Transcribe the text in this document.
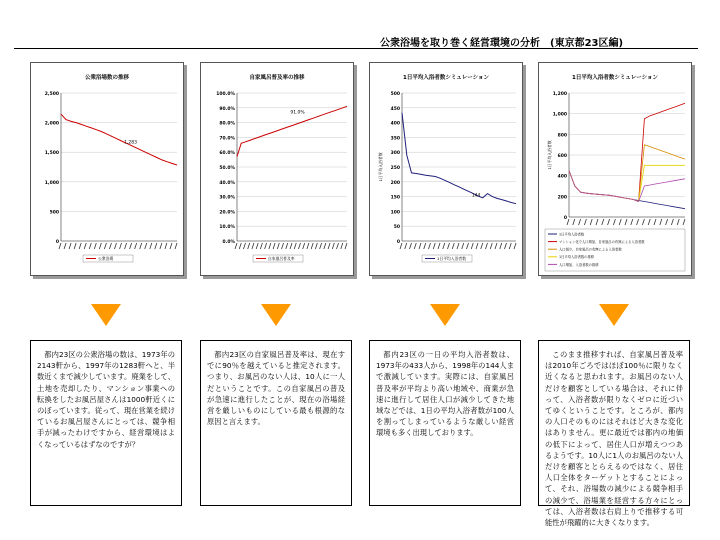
公衆浴場を取り巻く経営環境の分析　(東京都23区編)
公衆浴場数の推移
2,500
2,000
1,500
1,000
500
0
1,283
公衆浴場
自家風呂普及率の推移
100.0%
90.0%
80.0%
70.0%
60.0%
50.0%
40.0%
30.0%
20.0%
10.0%
0.0%
91.0%
自家風呂普及率
1日平均入浴者数シミュレーション
500
450
400
350
300
250
200
150
100
50
0
1日平均入浴者数
144
1日平均入浴者数
1日平均入浴者数シミュレーション
1,200
1,000
800
600
400
200
0
1日平均入浴者数
1日平均入浴者数
マンション化で人口増加、自家風呂の有無による入浴者数
人口減少、自家風呂の有無による入浴者数
1日平均入浴者数の推移
人口増加、入浴者数の推移
都内23区の公衆浴場の数は、1973年の2143軒から、1997年の1283軒へと、半数近くまで減少しています。廃業をして、土地を売却したり、マンション事業への転換をしたお風呂屋さんは1000軒近くにのぼっています。従って、現在営業を続けているお風呂屋さんにとっては、競争相手が減ったわけですから、経営環境はよくなっているはずなのですが？
都内23区の自家風呂普及率は、現在すでに90％を越えていると推定されます。つまり、お風呂のない人は、10人に一人だということです。この自家風呂の普及が急速に進行したことが、現在の浴場経営を厳しいものにしている最も根源的な原因と言えます。
都内23区の一日の平均入浴者数は、1973年の433人から、1998年の144人まで激減しています。実際には、自家風呂普及率が平均より高い地域や、商業が急速に進行して居住人口が減少してきた地域などでは、1日の平均入浴者数が100人を割ってしまっているような厳しい経営環境も多く出現しております。
このまま推移すれば、自家風呂普及率は2010年ごろではほぼ100％に限りなく近くなると思われます。お風呂のない人だけを顧客としている場合は、それに伴って、入浴者数が限りなくゼロに近づいてゆくということです。ところが、都内の人口そのものにはそれほど大きな変化はありません。更に最近では都内の地価の低下によって、居住人口が増えつつあるようです。10人に1人のお風呂のない人だけを顧客ととらえるのではなく、居住人口全体をターゲットとすることによって、それ、浴場数の減少による競争相手の減少で、浴場業を経営する方々にとっては、入浴者数は右肩上りで推移する可能性が飛躍的に大きくなります。
